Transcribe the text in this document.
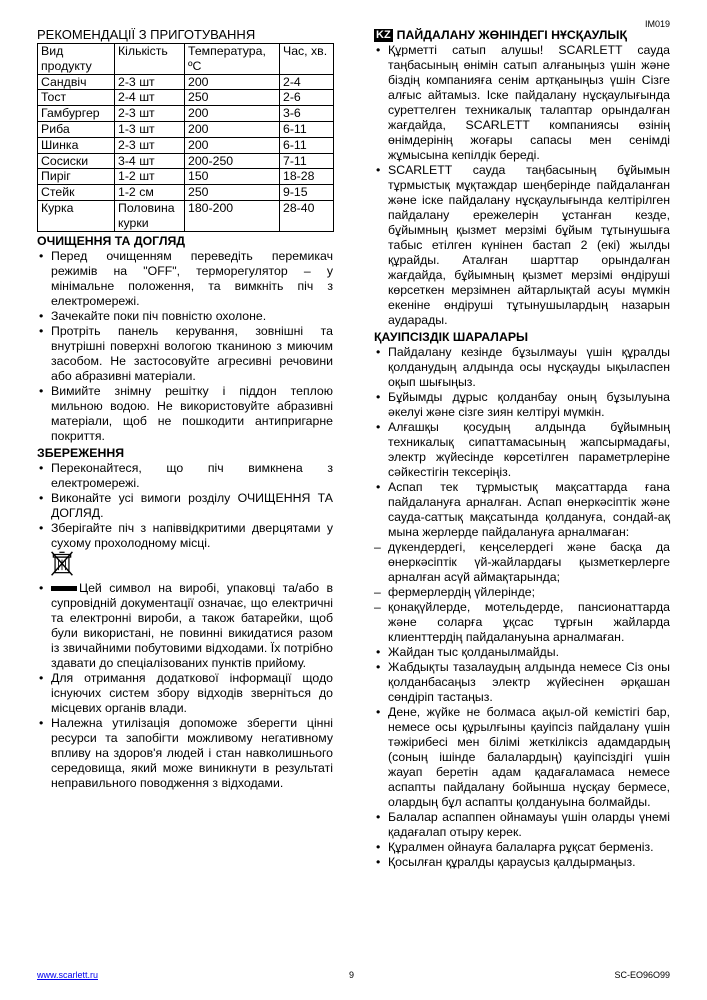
IM019
РЕКОМЕНДАЦІЇ З ПРИГОТУВАННЯ
Вид продукту	Кількість	Температура, ºC	Час, хв.
Сандвіч	2-3 шт	200	2-4
Тост	2-4 шт	250	2-6
Гамбургер	2-3 шт	200	3-6
Риба	1-3 шт	200	6-11
Шинка	2-3 шт	200	6-11
Сосиски	3-4 шт	200-250	7-11
Пиріг	1-2 шт	150	18-28
Стейк	1-2 см	250	9-15
Курка	Половина курки	180-200	28-40
ОЧИЩЕННЯ ТА ДОГЛЯД
• Перед очищенням переведіть перемикач режимів на "OFF", терморегулятор – у мінімальне положення, та вимкніть піч з електромережі.
• Зачекайте поки піч повністю охолоне.
• Протріть панель керування, зовнішні та внутрішні поверхні вологою тканиною з миючим засобом. Не застосовуйте агресивні речовини або абразивні матеріали.
• Вимийте знімну решітку і піддон теплою мильною водою. Не використовуйте абразивні матеріали, щоб не пошкодити антипригарне покриття.
ЗБЕРЕЖЕННЯ
• Переконайтеся, що піч вимкнена з електромережі.
• Виконайте усі вимоги розділу ОЧИЩЕННЯ ТА ДОГЛЯД.
• Зберігайте піч з напіввідкритими дверцятами у сухому прохолодному місці.
• Цей символ на виробі, упаковці та/або в супровідній документації означає, що електричні та електронні вироби, а також батарейки, щоб були використані, не повинні викидатися разом із звичайними побутовими відходами. Їх потрібно здавати до спеціалізованих пунктів прийому.
• Для отримання додаткової інформації щодо існуючих систем збору відходів зверніться до місцевих органів влади.
• Належна утилізація допоможе зберегти цінні ресурси та запобігти можливому негативному впливу на здоров'я людей і стан навколишнього середовища, який може виникнути в результаті неправильного поводження з відходами.
KZ ПАЙДАЛАНУ ЖӨНІНДЕГІ НҰСҚАУЛЫҚ
• Құрметті сатып алушы! SCARLETT сауда таңбасының өнімін сатып алғаныңыз үшін және біздің компанияға сенім артқаныңыз үшін Сізге алғыс айтамыз. Іске пайдалану нұсқаулығында суреттелген техникалық талаптар орындалған жағдайда, SCARLETT компаниясы өзінің өнімдерінің жоғары сапасы мен сенімді жұмысына кепілдік береді.
• SCARLETT сауда таңбасының бұйымын тұрмыстық мұқтаждар шеңберінде пайдаланған және іске пайдалану нұсқаулығында келтірілген пайдалану ережелерін ұстанған кезде, бұйымның қызмет мерзімі бұйым тұтынушыға табыс етілген күнінен бастап 2 (екі) жылды құрайды. Аталған шарттар орындалған жағдайда, бұйымның қызмет мерзімі өндіруші көрсеткен мерзімнен айтарлықтай асуы мүмкін екеніне өндіруші тұтынушылардың назарын аударады.
ҚАУІПСІЗДІК ШАРАЛАРЫ
• Пайдалану кезінде бұзылмауы үшін құралды қолданудың алдында осы нұсқауды ықыласпен оқып шығыңыз.
• Бұйымды дұрыс қолданбау оның бұзылуына әкелуі және сізге зиян келтіруі мүмкін.
• Алғашқы қосудың алдында бұйымның техникалық сипаттамасының жапсырмадағы, электр жүйесінде көрсетілген параметрлеріне сәйкестігін тексеріңіз.
• Аспап тек тұрмыстық мақсаттарда ғана пайдалануға арналған. Аспап өнеркәсіптік және сауда-саттық мақсатында қолдануға, сондай-ақ мына жерлерде пайдалануға арналмаған:
– дүкендердегі, кеңселердегі және басқа да өнеркәсіптік үй-жайлардағы қызметкерлерге арналған асүй аймақтарында;
– фермерлердің үйлерінде;
– қонақүйлерде, мотельдерде, пансионаттарда және соларға ұқсас тұрғын жайларда клиенттердің пайдалануына арналмаған.
• Жайдан тыс қолданылмайды.
• Жабдықты тазалаудың алдында немесе Сіз оны қолданбасаңыз электр жүйесінен әрқашан сөндіріп тастаңыз.
• Дене, жүйке не болмаса ақыл-ой кемістігі бар, немесе осы құрылғыны қауіпсіз пайдалану үшін тәжірибесі мен білімі жеткіліксіз адамдардың (соның ішінде балалардың) қауіпсіздігі үшін жауап беретін адам қадағаламаса немесе аспапты пайдалану бойынша нұсқау бермесе, олардың бұл аспапты қолдануына болмайды.
• Балалар аспаппен ойнамауы үшін оларды үнемі қадағалап отыру керек.
• Құралмен ойнауға балаларға рұқсат берменіз.
• Қосылған құралды қараусыз қалдырмаңыз.
www.scarlett.ru	9	SC-EO96O99
